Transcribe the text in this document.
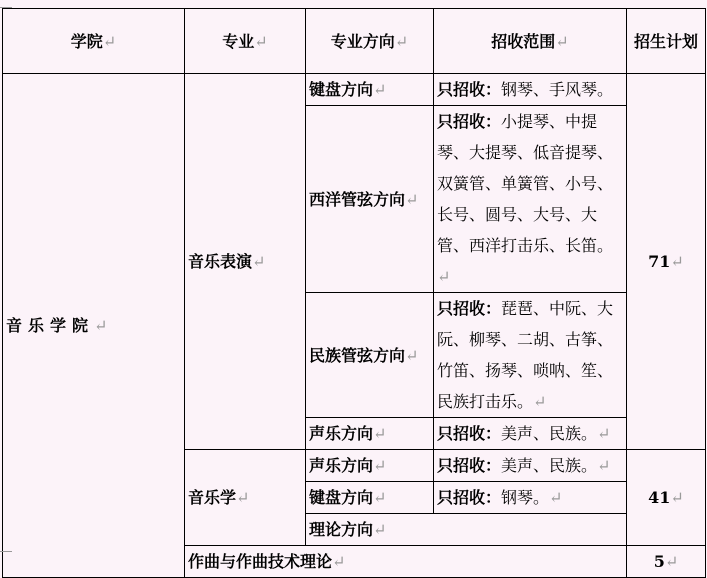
学院↵	专业↵	专业方向↵	招收范围↵	招生计划
音乐学院↵	音乐表演↵	键盘方向↵	只招收：钢琴、手风琴。	71↵
		西洋管弦方向↵	只招收：小提琴、中提琴、大提琴、低音提琴、双簧管、单簧管、小号、长号、圆号、大号、大管、西洋打击乐、长笛。↵	
		民族管弦方向↵	只招收：琵琶、中阮、大阮、柳琴、二胡、古筝、竹笛、扬琴、唢呐、笙、民族打击乐。↵	
		声乐方向↵	只招收：美声、民族。↵	
	音乐学↵	声乐方向↵	只招收：美声、民族。↵	41↵
		键盘方向↵	只招收：钢琴。↵	
		理论方向↵		
	作曲与作曲技术理论↵			5↵
